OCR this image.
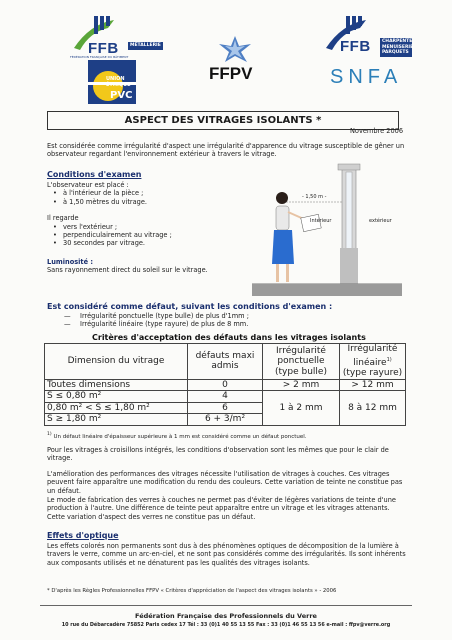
FFB	MÉTALLERIE
FÉDÉRATION FRANÇAISE DU BÂTIMENT
UNION ÉTHIQUE
PVC
FFPV
FFB	CHARPENTE MENUISERIE PARQUETS
SNFA
ASPECT DES VITRAGES ISOLANTS *
Novembre 2006
Est considérée comme irrégularité d'aspect une irrégularité d'apparence du vitrage susceptible de gêner un observateur regardant l'environnement extérieur à travers le vitrage.
Conditions d'examen
L'observateur est placé :
• à l'intérieur de la pièce ;
• à 1,50 mètres du vitrage.
Il regarde
• vers l'extérieur ;
• perpendiculairement au vitrage ;
• 30 secondes par vitrage.
Luminosité :
Sans rayonnement direct du soleil sur le vitrage.
- 1,50 m -
Intérieur	extérieur
Est considéré comme défaut, suivant les conditions d'examen :
— Irrégularité ponctuelle (type bulle) de plus d'1mm ;
— Irrégularité linéaire (type rayure) de plus de 8 mm.
Critères d'acceptation des défauts dans les vitrages isolants
Dimension du vitrage	défauts maxi admis	Irrégularité ponctuelle (type bulle)	Irrégularité linéaire$^{1)}$
(type rayure)
Toutes dimensions	0	> 2 mm	> 12 mm
S ≤ 0,80 m²	4	1 à 2 mm	8 à 12 mm
0,80 m² < S ≤ 1,80 m²	6		
S ≥ 1,80 m²	6 + 3/m²		
$^{1)}$ Un défaut linéaire d'épaisseur supérieure à 1 mm est considéré comme un défaut ponctuel.
Pour les vitrages à croisillons intégrés, les conditions d'observation sont les mêmes que pour le clair de vitrage.
L'amélioration des performances des vitrages nécessite l'utilisation de vitrages à couches. Ces vitrages peuvent faire apparaître une modification du rendu des couleurs. Cette variation de teinte ne constitue pas un défaut.
Le mode de fabrication des verres à couches ne permet pas d'éviter de légères variations de teinte d'une production à l'autre. Une différence de teinte peut apparaître entre un vitrage et les vitrages attenants. Cette variation d'aspect des verres ne constitue pas un défaut.
Effets d'optique
Les effets colorés non permanents sont dus à des phénomènes optiques de décomposition de la lumière à travers le verre, comme un arc-en-ciel, et ne sont pas considérés comme des irrégularités. Ils sont inhérents aux composants utilisés et ne dénaturent pas les qualités des vitrages isolants.
* D'après les Règles Professionnelles FFPV « Critères d'appréciation de l'aspect des vitrages isolants » - 2006
Fédération Française des Professionnels du Verre
10 rue du Débarcadère 75852 Paris cedex 17 Tél : 33 (0)1 40 55 13 55 Fax : 33 (0)1 46 55 13 56 e-mail : ffpv@verre.org
